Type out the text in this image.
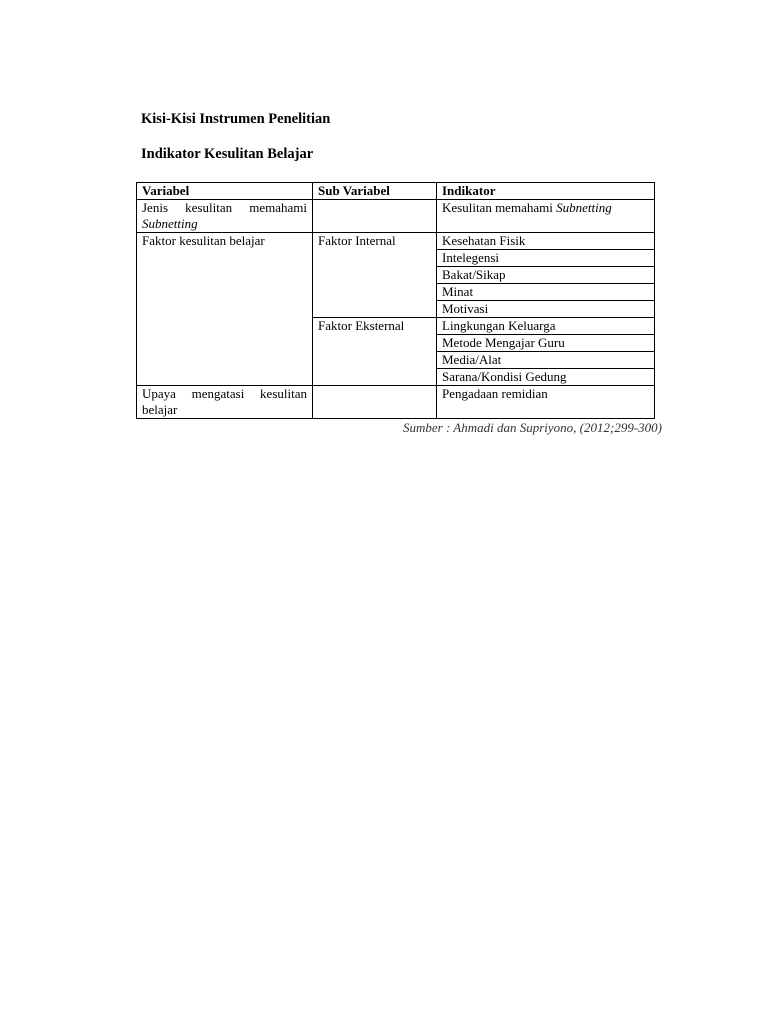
Kisi-Kisi Instrumen Penelitian
Indikator Kesulitan Belajar
Variabel	Sub Variabel	Indikator

Jenis kesulitan memahami
Subnetting		Kesulitan memahami Subnetting
Faktor kesulitan belajar	Faktor Internal	Kesehatan Fisik
		Intelegensi
		Bakat/Sikap
		Minat
		Motivasi
	Faktor Eksternal	Lingkungan Keluarga
		Metode Mengajar Guru
		Media/Alat
		Sarana/Kondisi Gedung

Upaya mengatasi kesulitan
belajar		Pengadaan remidian
Sumber : Ahmadi dan Supriyono, (2012;299-300)
